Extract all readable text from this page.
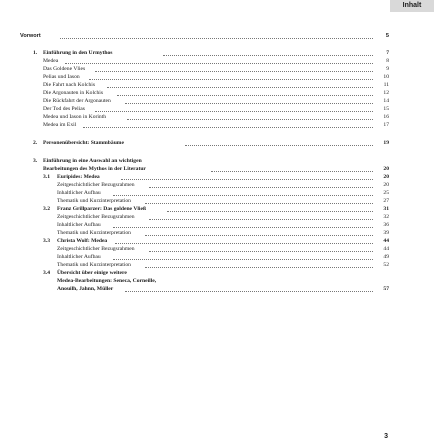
Inhalt
Vorwort	5
1. Einführung in den Urmythos	7
Medea	8
Das Goldene Vlies	9
Pelias und Iason	10
Die Fahrt nach Kolchis	11
Die Argonauten in Kolchis	12
Die Rückfahrt der Argonauten	14
Der Tod des Pelias	15
Medea und Iason in Korinth	16
Medea im Exil	17
2. Personenübersicht: Stammbäume	19
3. Einführung in eine Auswahl an wichtigen
Bearbeitungen des Mythos in der Literatur	20
3.1 Euripides: Medea	20
Zeitgeschichtlicher Bezugsrahmen	20
Inhaltlicher Aufbau	25
Thematik und Kurzinterpretation	27
3.2 Franz Grillparzer: Das goldene Vließ	31
Zeitgeschichtlicher Bezugsrahmen	32
Inhaltlicher Aufbau	36
Thematik und Kurzinterpretation	39
3.3 Christa Wolf: Medea	44
Zeitgeschichtlicher Bezugsrahmen	44
Inhaltlicher Aufbau	49
Thematik und Kurzinterpretation	52
3.4 Übersicht über einige weitere
Medea-Bearbeitungen: Seneca, Corneille,
Anouilh, Jahnn, Müller	57
3
